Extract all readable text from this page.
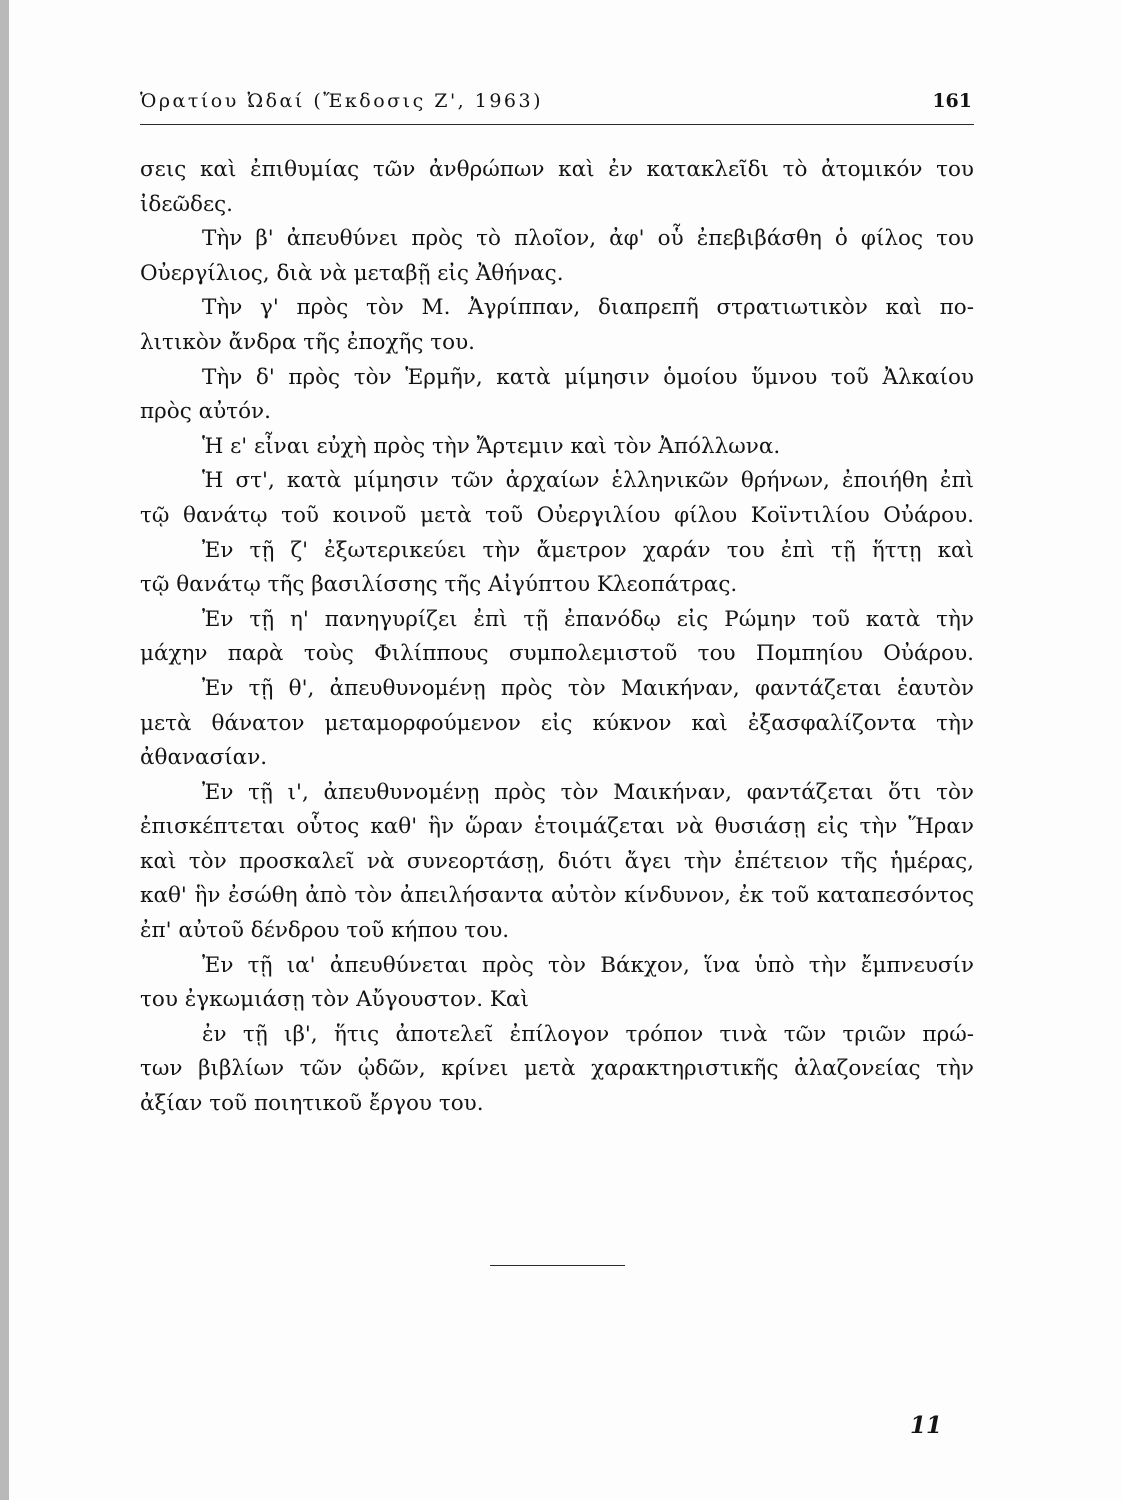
Ὁρατίου Ὠδαί (Ἔκδοσις Ζ', 1963)	161
σεις καὶ ἐπιθυμίας τῶν ἀνθρώπων καὶ ἐν κατακλεῖδι τὸ ἀτομικόν του
ἰδεῶδες.
Τὴν β' ἀπευθύνει πρὸς τὸ πλοῖον, ἀφ' οὗ ἐπεβιβάσθη ὁ φίλος του
Οὐεργίλιος, διὰ νὰ μεταβῇ εἰς Ἀθήνας.
Τὴν γ' πρὸς τὸν Μ. Ἀγρίππαν, διαπρεπῆ στρατιωτικὸν καὶ πο-
λιτικὸν ἄνδρα τῆς ἐποχῆς του.
Τὴν δ' πρὸς τὸν Ἑρμῆν, κατὰ μίμησιν ὁμοίου ὕμνου τοῦ Ἀλκαίου
πρὸς αὐτόν.
Ἡ ε' εἶναι εὐχὴ πρὸς τὴν Ἄρτεμιν καὶ τὸν Ἀπόλλωνα.
Ἡ στ', κατὰ μίμησιν τῶν ἀρχαίων ἑλληνικῶν θρήνων, ἐποιήθη ἐπὶ
τῷ θανάτῳ τοῦ κοινοῦ μετὰ τοῦ Οὐεργιλίου φίλου Κοϊντιλίου Οὐάρου.
Ἐν τῇ ζ' ἐξωτερικεύει τὴν ἄμετρον χαράν του ἐπὶ τῇ ἥττῃ καὶ
τῷ θανάτῳ τῆς βασιλίσσης τῆς Αἰγύπτου Κλεοπάτρας.
Ἐν τῇ η' πανηγυρίζει ἐπὶ τῇ ἐπανόδῳ εἰς Ρώμην τοῦ κατὰ τὴν
μάχην παρὰ τοὺς Φιλίππους συμπολεμιστοῦ του Πομπηίου Οὐάρου.
Ἐν τῇ θ', ἀπευθυνομένῃ πρὸς τὸν Μαικήναν, φαντάζεται ἑαυτὸν
μετὰ θάνατον μεταμορφούμενον εἰς κύκνον καὶ ἐξασφαλίζοντα τὴν
ἀθανασίαν.
Ἐν τῇ ι', ἀπευθυνομένῃ πρὸς τὸν Μαικήναν, φαντάζεται ὅτι τὸν
ἐπισκέπτεται οὗτος καθ' ἣν ὥραν ἑτοιμάζεται νὰ θυσιάσῃ εἰς τὴν Ἥραν
καὶ τὸν προσκαλεῖ νὰ συνεορτάσῃ, διότι ἄγει τὴν ἐπέτειον τῆς ἡμέρας,
καθ' ἣν ἐσώθη ἀπὸ τὸν ἀπειλήσαντα αὐτὸν κίνδυνον, ἐκ τοῦ καταπεσόντος
ἐπ' αὐτοῦ δένδρου τοῦ κήπου του.
Ἐν τῇ ια' ἀπευθύνεται πρὸς τὸν Βάκχον, ἵνα ὑπὸ τὴν ἔμπνευσίν
του ἐγκωμιάσῃ τὸν Αὔγουστον. Καὶ
ἐν τῇ ιβ', ἥτις ἀποτελεῖ ἐπίλογον τρόπον τινὰ τῶν τριῶν πρώ-
των βιβλίων τῶν ᾠδῶν, κρίνει μετὰ χαρακτηριστικῆς ἀλαζονείας τὴν
ἀξίαν τοῦ ποιητικοῦ ἔργου του.
11
